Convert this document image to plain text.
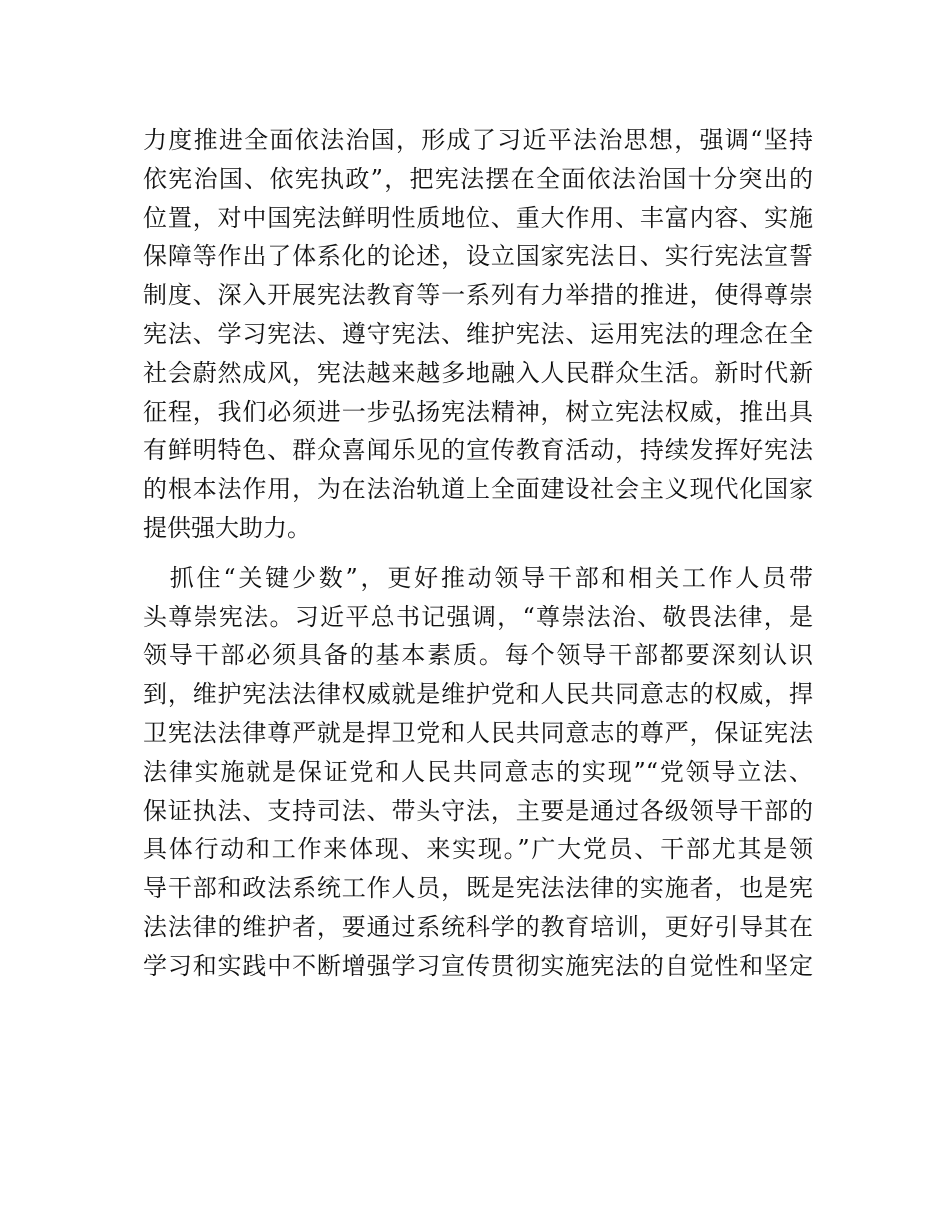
力度推进全面依法治国，形成了习近平法治思想，强调“坚持
依宪治国、依宪执政”，把宪法摆在全面依法治国十分突出的
位置，对中国宪法鲜明性质地位、重大作用、丰富内容、实施
保障等作出了体系化的论述，设立国家宪法日、实行宪法宣誓
制度、深入开展宪法教育等一系列有力举措的推进，使得尊崇
宪法、学习宪法、遵守宪法、维护宪法、运用宪法的理念在全
社会蔚然成风，宪法越来越多地融入人民群众生活。新时代新
征程，我们必须进一步弘扬宪法精神，树立宪法权威，推出具
有鲜明特色、群众喜闻乐见的宣传教育活动，持续发挥好宪法
的根本法作用，为在法治轨道上全面建设社会主义现代化国家
提供强大助力。
　抓住“关键少数”，更好推动领导干部和相关工作人员带
头尊崇宪法。习近平总书记强调，“尊崇法治、敬畏法律，是
领导干部必须具备的基本素质。每个领导干部都要深刻认识
到，维护宪法法律权威就是维护党和人民共同意志的权威，捍
卫宪法法律尊严就是捍卫党和人民共同意志的尊严，保证宪法
法律实施就是保证党和人民共同意志的实现”“党领导立法、
保证执法、支持司法、带头守法，主要是通过各级领导干部的
具体行动和工作来体现、来实现。”广大党员、干部尤其是领
导干部和政法系统工作人员，既是宪法法律的实施者，也是宪
法法律的维护者，要通过系统科学的教育培训，更好引导其在
学习和实践中不断增强学习宣传贯彻实施宪法的自觉性和坚定
